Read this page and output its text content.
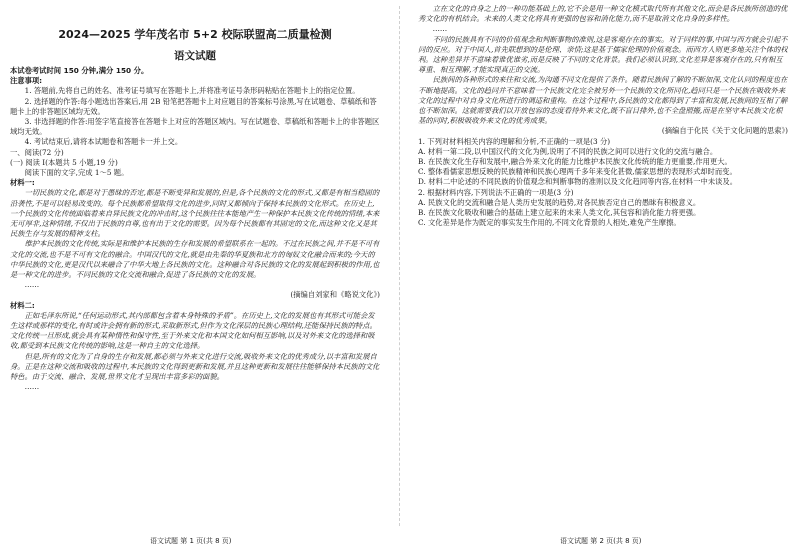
2024—2025 学年茂名市 5+2 校际联盟高二质量检测

语文试题

本试卷考试时间 150 分钟,满分 150 分。

注意事项:

1. 答题前,先将自己的姓名、准考证号填写在答题卡上,并将准考证号条形码粘贴在答题卡上的指定位置。

2. 选择题的作答:每小题选出答案后,用 2B 铅笔把答题卡上对应题目的答案标号涂黑,写在试题卷、草稿纸和答题卡上的非答题区域均无效。

3. 非选择题的作答:用签字笔直接答在答题卡上对应的答题区域内。写在试题卷、草稿纸和答题卡上的非答题区域均无效。

4. 考试结束后,请将本试题卷和答题卡一并上交。

一、阅读(72 分)

(一) 阅读 Ⅰ(本题共 5 小题,19 分)

阅读下面的文字,完成 1～5 题。

材料一:

一切民族的文化,都是对于愚昧的否定,都是不断变异和发展的,但是,各个民族的文化的形式,又都是有相当稳固的沿袭性,不是可以轻易改变的。每个民族都希望取得文化的进步,同时又都倾向于保持本民族的文化形式。在历史上,一个民族的文化传统面临着来自异民族文化的冲击时,这个民族往往本能地产生一种保护本民族文化传统的情绪,本来无可厚非,这种情绪,不仅出于民族的自尊,也有出于文化的需要。因为每个民族都有其固定的文化,而这种文化又是其民族生存与发展的精神支柱。

维护本民族的文化传统,实际是和维护本民族的生存和发展的希望联系在一起的。不过在民族之间,并不是不可有文化的交流,也不是不可有文化的融合。中国汉代的文化,就是由先秦的华夏族和北方的匈奴文化融合而来的;今天的中华民族的文化,更是汉代以来融合了中华大地上各民族的文化。这种融合对各民族的文化的发展起到积极的作用,也是一种文化的进步。不同民族的文化交流和融合,促进了各民族的文化的发展。

……

(摘编自刘家和《略说文化》)

材料二:

正如毛泽东所说,“任何运动形式,其内部都包含着本身特殊的矛盾”。在历史上,文化的发展也有其形式可能会发生这样或那样的变化,有时或许会拥有新的形式,采取新形式,但作为文化深层的民族心理结构,还能保持民族的特点。文化传统一旦形成,就会具有某种惰性和保守性,至于外来文化和本国文化如何相互影响,以及对外来文化的选择和吸收,都受到本民族文化传统的影响,这是一种自主的文化选择。

但是,所有的文化为了自身的生存和发展,都必须与外来文化进行交流,吸收外来文化的优秀成分,以丰富和发展自身。正是在这种交流和吸收的过程中,本民族的文化得到更新和发展,并且这种更新和发展往往能够保持本民族的文化特色。由于交流、融合、发展,世界文化才呈现出丰富多彩的面貌。

……

立在文化的自身之上的一种功能基础上的,它不会是用一种文化模式取代所有其他文化,而会是各民族所创造的优秀文化的有机结合。未来的人类文化将具有更强的包容和消化能力,而不是取消文化自身的多样性。

……

不同的民族具有不同的价值观念和判断事物的准则,这是客观存在的事实。对于同样的事,中国与西方就会引起不同的反应。对于中国人,首先联想到的是伦理、亲情;这是基于儒家伦理的价值观念。而西方人则更多地关注个体的权利。这种差异并不意味着谁优谁劣,而是反映了不同的文化背景。我们必须认识到,文化差异是客观存在的,只有相互尊重、相互理解,才能实现真正的交流。

民族间的各种形式的来往和交流,为沟通不同文化提供了条件。随着民族间了解的不断加深,文化认同的程度也在不断地提高。文化的趋同并不意味着一个民族文化完全被另外一个民族的文化所同化,趋同只是一个民族在吸收外来文化的过程中对自身文化所进行的调适和重构。在这个过程中,各民族的文化都得到了丰富和发展,民族间的互相了解也不断加深。这就需要我们以开放包容的态度看待外来文化,既不盲目排外,也不全盘照搬,而是在坚守本民族文化根基的同时,积极吸收外来文化的优秀成果。

(摘编自于化民《关于文化问题的思索》)

1. 下列对材料相关内容的理解和分析,不正确的一项是(3 分)

A. 材料一第二段,以中国汉代的文化为例,说明了不同的民族之间可以进行文化的交流与融合。

B. 在民族文化生存和发展中,融合外来文化的能力比维护本民族文化传统的能力更重要,作用更大。

C. 整体看儒家思想反映的民族精神和民族心理两千多年来变化甚微,儒家思想的表现形式却时而变。

D. 材料二中论述的不同民族的价值观念和判断事物的准则以及文化趋同等内容,在材料一中未谈及。

2. 根据材料内容,下列说法不正确的一项是(3 分)

A. 民族文化的交流和融合是人类历史发展的趋势,对各民族否定自己的愚昧有积极意义。

B. 在民族文化吸收和融合的基础上建立起来的未来人类文化,其包容和消化能力将更强。

C. 文化差异是作为既定的事实发生作用的,不同文化背景的人相处,难免产生摩擦。

语文试题 第 1 页(共 8 页)	语文试题 第 2 页(共 8 页)
